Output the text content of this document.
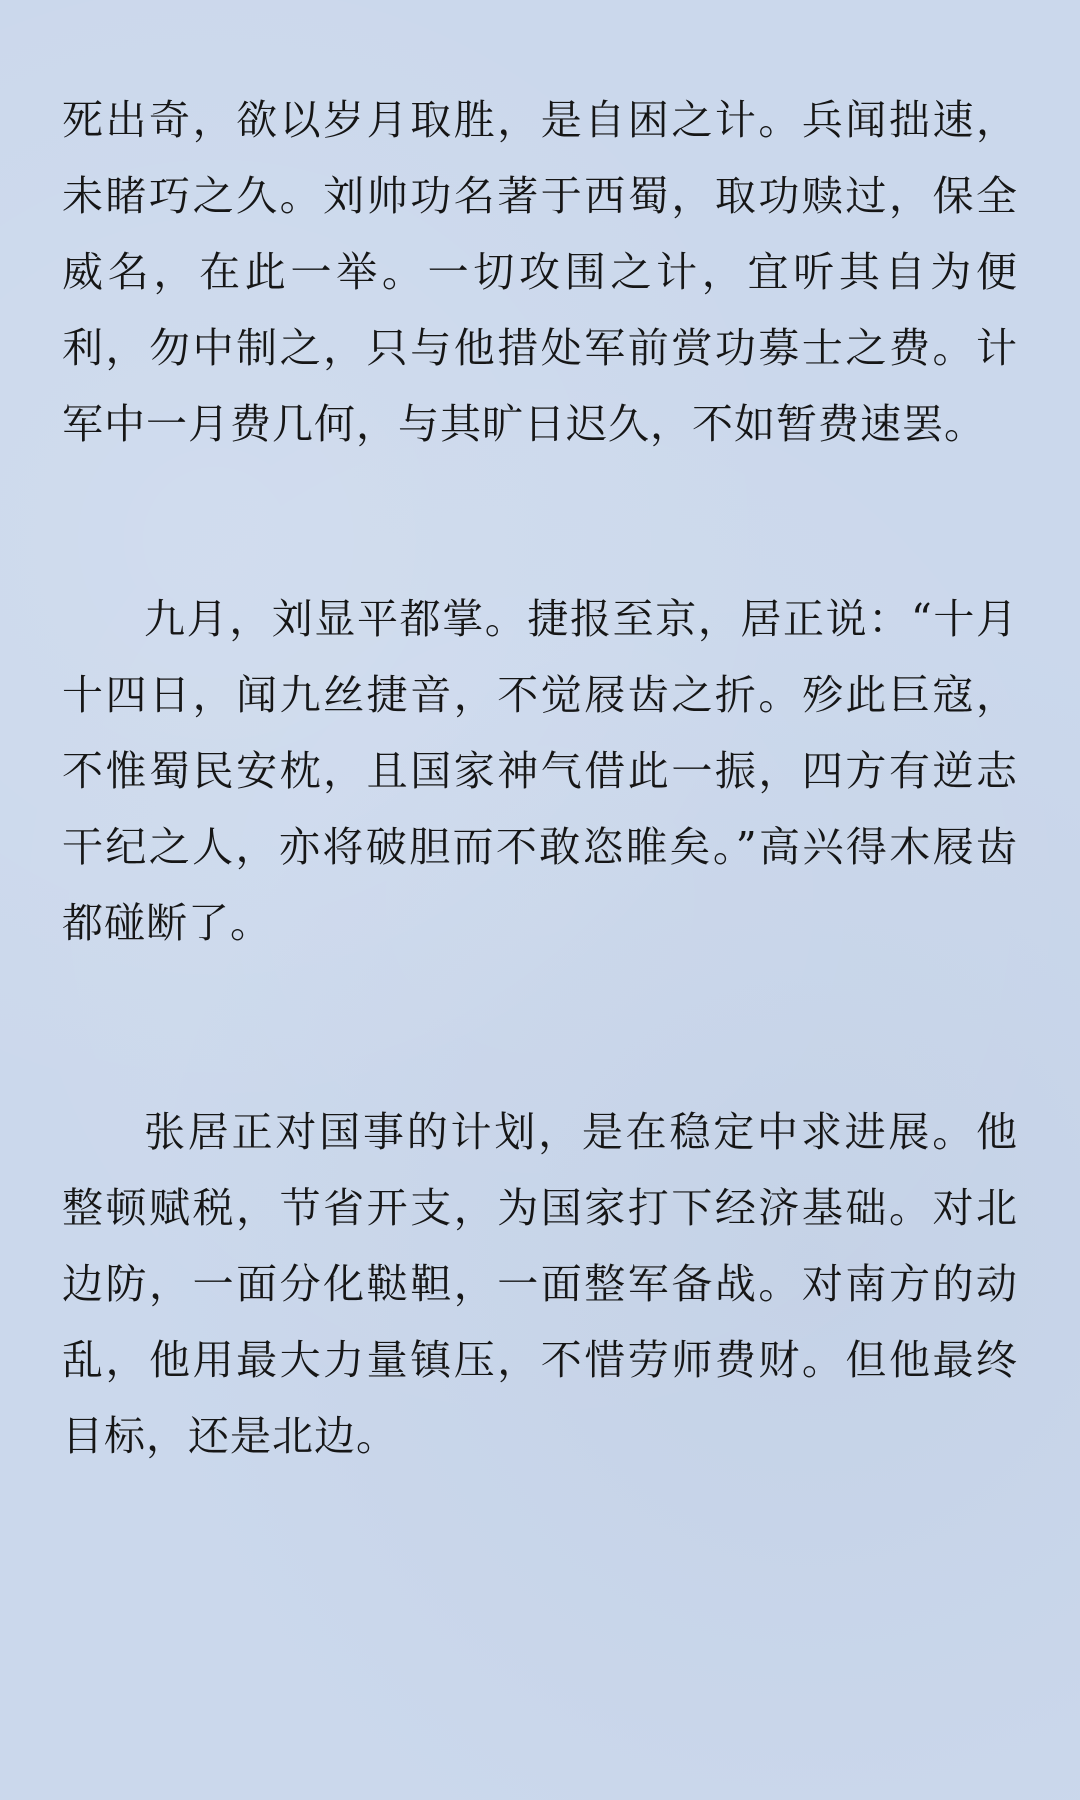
死出奇，欲以岁月取胜，是自困之计。兵闻拙速，未睹巧之久。刘帅功名著于西蜀，取功赎过，保全威名，在此一举。一切攻围之计，宜听其自为便利，勿中制之，只与他措处军前赏功募士之费。计军中一月费几何，与其旷日迟久，不如暂费速罢。

九月，刘显平都掌。捷报至京，居正说：“十月十四日，闻九丝捷音，不觉屐齿之折。殄此巨寇，不惟蜀民安枕，且国家神气借此一振，四方有逆志干纪之人，亦将破胆而不敢恣睢矣。”高兴得木屐齿都碰断了。

张居正对国事的计划，是在稳定中求进展。他整顿赋税，节省开支，为国家打下经济基础。对北边防，一面分化鞑靼，一面整军备战。对南方的动乱，他用最大力量镇压，不惜劳师费财。但他最终目标，还是北边。
